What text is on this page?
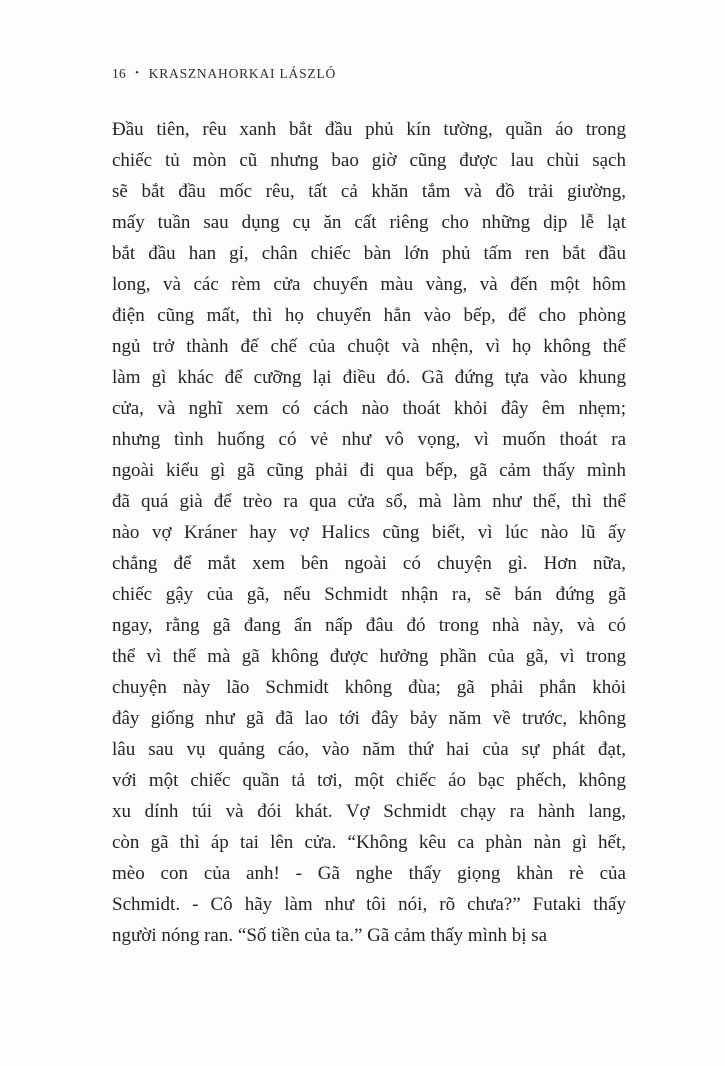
16 • KRASZNAHORKAI LÁSZLÓ
Đầu tiên, rêu xanh bắt đầu phủ kín tường, quần áo trong
chiếc tủ mòn cũ nhưng bao giờ cũng được lau chùi sạch
sẽ bắt đầu mốc rêu, tất cả khăn tắm và đồ trải giường,
mấy tuần sau dụng cụ ăn cất riêng cho những dịp lễ lạt
bắt đầu han gỉ, chân chiếc bàn lớn phủ tấm ren bắt đầu
long, và các rèm cửa chuyển màu vàng, và đến một hôm
điện cũng mất, thì họ chuyển hẳn vào bếp, để cho phòng
ngủ trở thành đế chế của chuột và nhện, vì họ không thể
làm gì khác để cưỡng lại điều đó. Gã đứng tựa vào khung
cửa, và nghĩ xem có cách nào thoát khỏi đây êm nhẹm;
nhưng tình huống có vẻ như vô vọng, vì muốn thoát ra
ngoài kiểu gì gã cũng phải đi qua bếp, gã cảm thấy mình
đã quá già để trèo ra qua cửa sổ, mà làm như thế, thì thể
nào vợ Kráner hay vợ Halics cũng biết, vì lúc nào lũ ấy
chẳng để mắt xem bên ngoài có chuyện gì. Hơn nữa,
chiếc gậy của gã, nếu Schmidt nhận ra, sẽ bán đứng gã
ngay, rằng gã đang ẩn nấp đâu đó trong nhà này, và có
thể vì thế mà gã không được hưởng phần của gã, vì trong
chuyện này lão Schmidt không đùa; gã phải phắn khỏi
đây giống như gã đã lao tới đây bảy năm về trước, không
lâu sau vụ quảng cáo, vào năm thứ hai của sự phát đạt,
với một chiếc quần tả tơi, một chiếc áo bạc phếch, không
xu dính túi và đói khát. Vợ Schmidt chạy ra hành lang,
còn gã thì áp tai lên cửa. “Không kêu ca phàn nàn gì hết,
mèo con của anh! - Gã nghe thấy giọng khàn rè của
Schmidt. - Cô hãy làm như tôi nói, rõ chưa?” Futaki thấy
người nóng ran. “Số tiền của ta.” Gã cảm thấy mình bị sa
